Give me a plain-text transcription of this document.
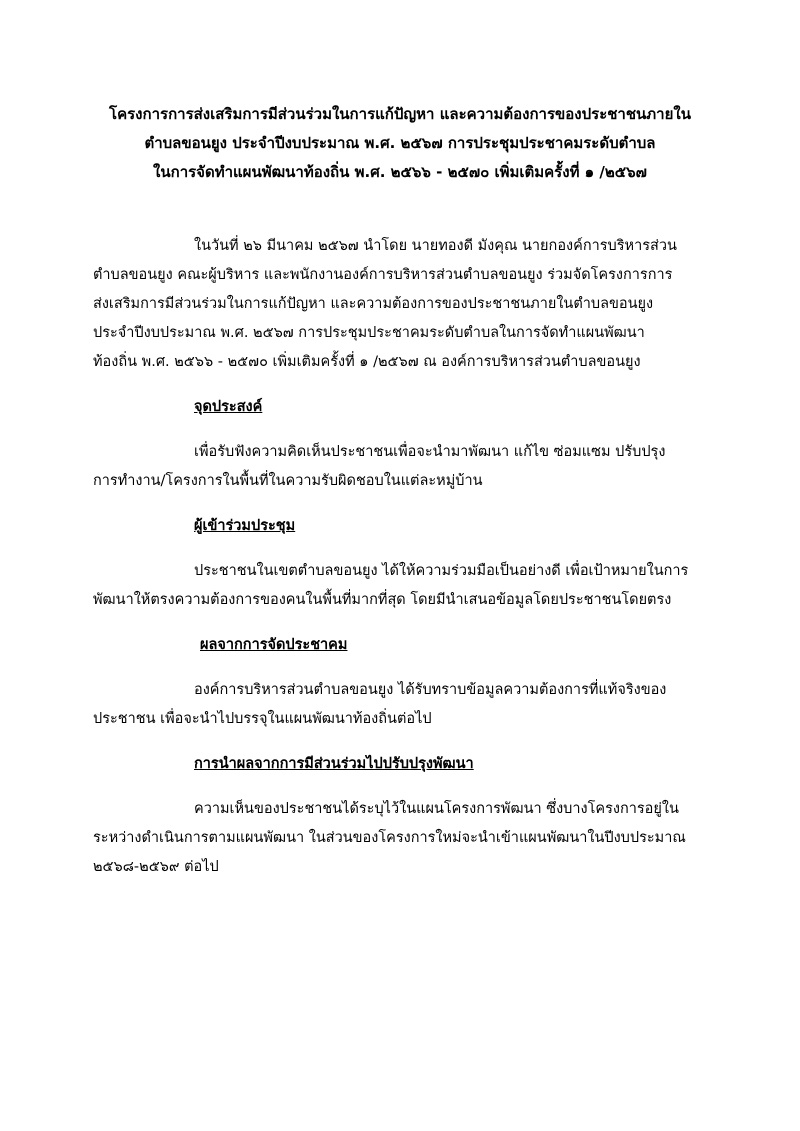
โครงการการส่งเสริมการมีส่วนร่วมในการแก้ปัญหา และความต้องการของประชาชนภายใน
ตำบลขอนยูง ประจำปีงบประมาณ พ.ศ. ๒๕๖๗ การประชุมประชาคมระดับตำบล
ในการจัดทำแผนพัฒนาท้องถิ่น พ.ศ. ๒๕๖๖ - ๒๕๗๐ เพิ่มเติมครั้งที่ ๑ /๒๕๖๗
ในวันที่ ๒๖ มีนาคม ๒๕๖๗ นำโดย นายทองดี มังคุณ นายกองค์การบริหารส่วน
ตำบลขอนยูง คณะผู้บริหาร และพนักงานองค์การบริหารส่วนตำบลขอนยูง ร่วมจัดโครงการการ
ส่งเสริมการมีส่วนร่วมในการแก้ปัญหา และความต้องการของประชาชนภายในตำบลขอนยูง
ประจำปีงบประมาณ พ.ศ. ๒๕๖๗ การประชุมประชาคมระดับตำบลในการจัดทำแผนพัฒนา
ท้องถิ่น พ.ศ. ๒๕๖๖ - ๒๕๗๐ เพิ่มเติมครั้งที่ ๑ /๒๕๖๗ ณ องค์การบริหารส่วนตำบลขอนยูง
จุดประสงค์
เพื่อรับฟังความคิดเห็นประชาชนเพื่อจะนำมาพัฒนา แก้ไข ซ่อมแซม ปรับปรุง
การทำงาน/โครงการในพื้นที่ในความรับผิดชอบในแต่ละหมู่บ้าน
ผู้เข้าร่วมประชุม
ประชาชนในเขตตำบลขอนยูง ได้ให้ความร่วมมือเป็นอย่างดี เพื่อเป้าหมายในการ
พัฒนาให้ตรงความต้องการของคนในพื้นที่มากที่สุด โดยมีนำเสนอข้อมูลโดยประชาชนโดยตรง
ผลจากการจัดประชาคม
องค์การบริหารส่วนตำบลขอนยูง ได้รับทราบข้อมูลความต้องการที่แท้จริงของ
ประชาชน เพื่อจะนำไปบรรจุในแผนพัฒนาท้องถิ่นต่อไป
การนำผลจากการมีส่วนร่วมไปปรับปรุงพัฒนา
ความเห็นของประชาชนได้ระบุไว้ในแผนโครงการพัฒนา ซึ่งบางโครงการอยู่ใน
ระหว่างดำเนินการตามแผนพัฒนา ในส่วนของโครงการใหม่จะนำเข้าแผนพัฒนาในปีงบประมาณ
๒๕๖๘-๒๕๖๙ ต่อไป
